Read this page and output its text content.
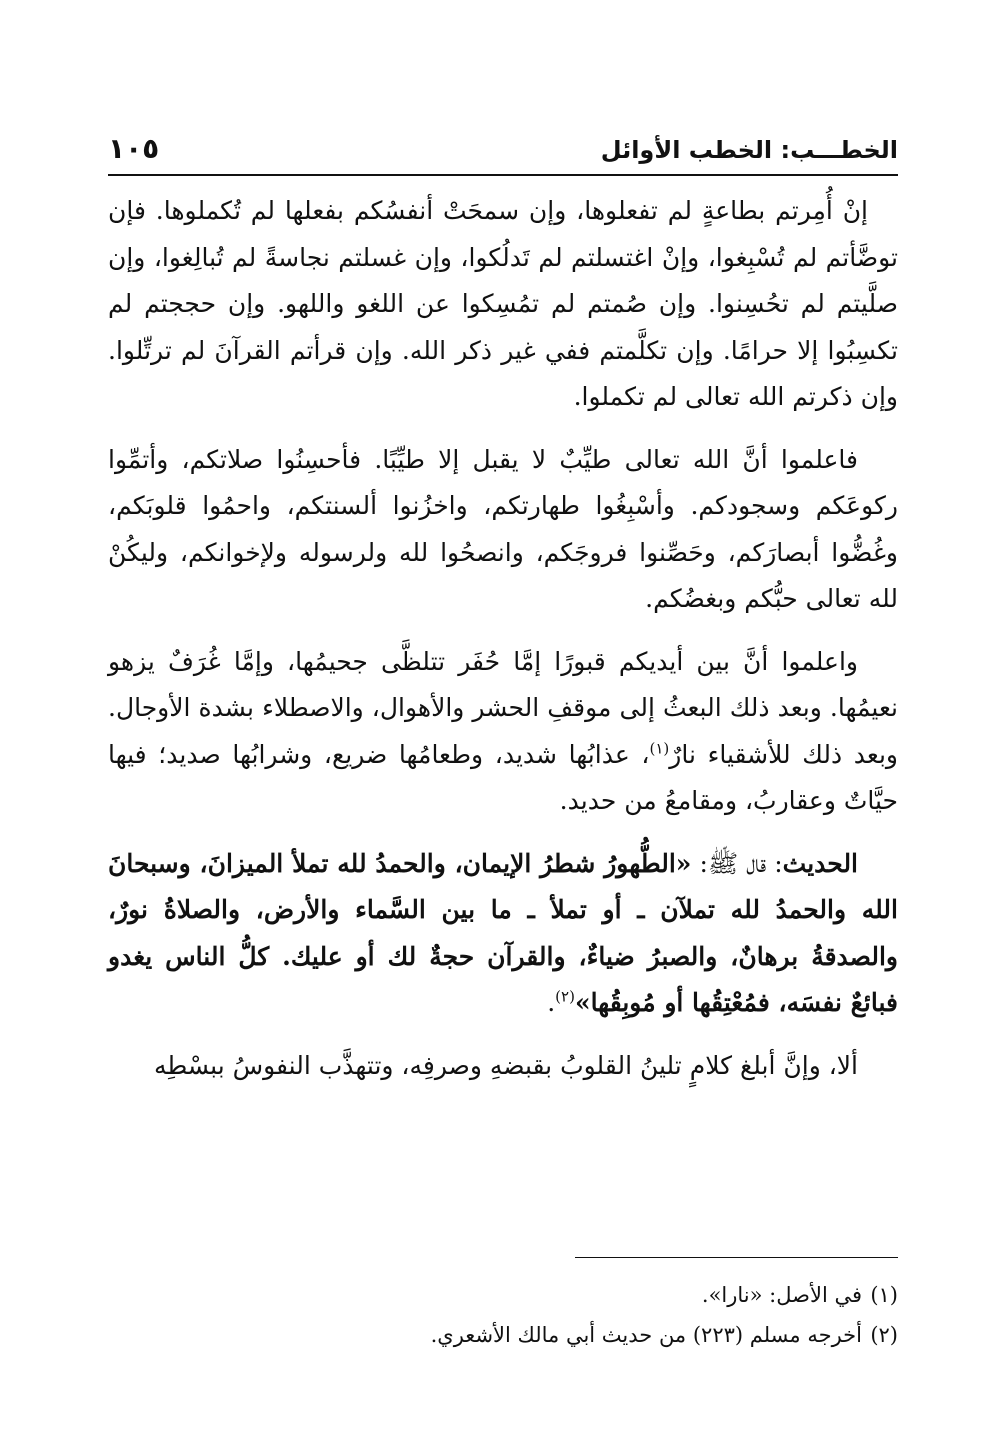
الخطـــب: الخطب الأوائل
١٠٥

إنْ أُمِرتم بطاعةٍ لم تفعلوها، وإن سمحَتْ أنفسُكم بفعلها لم تُكملوها. فإن توضَّأتم لم تُسْبِغوا، وإنْ اغتسلتم لم تَدلُكوا، وإن غسلتم نجاسةً لم تُبالِغوا، وإن صلَّيتم لم تحُسِنوا. وإن صُمتم لم تمُسِكوا عن اللغو واللهو. وإن حججتم لم تكسِبُوا إلا حرامًا. وإن تكلَّمتم ففي غير ذكر الله. وإن قرأتم القرآنَ لم ترتِّلوا. وإن ذكرتم الله تعالى لم تكملوا.

فاعلموا أنَّ الله تعالى طيِّبٌ لا يقبل إلا طيِّبًا. فأحسِنُوا صلاتكم، وأتمِّوا ركوعَكم وسجودكم. وأسْبِغُوا طهارتكم، واخزُنوا ألسنتكم، واحمُوا قلوبَكم، وغُضُّوا أبصارَكم، وحَصِّنوا فروجَكم، وانصحُوا لله ولرسوله ولإخوانكم، وليكُنْ لله تعالى حبُّكم وبغضُكم.

واعلموا أنَّ بين أيديكم قبورًا إمَّا حُفَر تتلظَّى جحيمُها، وإمَّا غُرَفٌ يزهو نعيمُها. وبعد ذلك البعثُ إلى موقفِ الحشر والأهوال، والاصطلاء بشدة الأوجال. وبعد ذلك للأشقياء نارٌ$^{(١)}$، عذابُها شديد، وطعامُها ضريع، وشرابُها صديد؛ فيها حيَّاتٌ وعقاربُ، ومقامعُ من حديد.

الحديث: قال ﷺ: «الطُّهورُ شطرُ الإيمان، والحمدُ لله تملأ الميزانَ، وسبحانَ الله والحمدُ لله تملآن ـ أو تملأ ـ ما بين السَّماء والأرض، والصلاةُ نورٌ، والصدقةُ برهانٌ، والصبرُ ضياءٌ، والقرآن حجةٌ لك أو عليك. كلُّ الناس يغدو فبائعٌ نفسَه، فمُعْتِقُها أو مُوبِقُها»$^{(٢)}$.

ألا، وإنَّ أبلغ كلامٍ تلينُ القلوبُ بقبضهِ وصرفِه، وتتهذَّب النفوسُ ببسْطِه

(١)في الأصل: «نارا».
(٢)أخرجه مسلم (٢٢٣) من حديث أبي مالك الأشعري.
